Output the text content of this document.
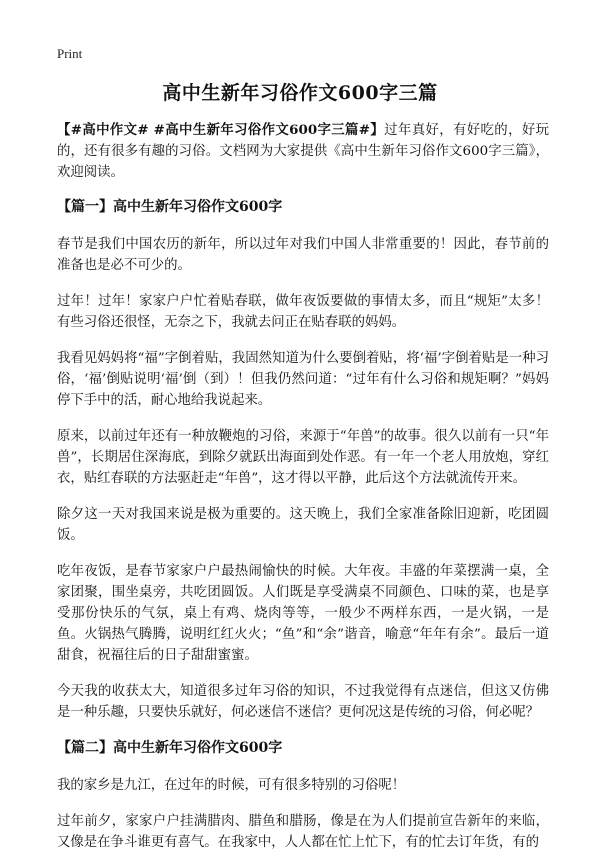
Print
高中生新年习俗作文600字三篇

【#高中作文# #高中生新年习俗作文600字三篇#】过年真好，有好吃的，好玩的，还有很多有趣的习俗。文档网为大家提供《高中生新年习俗作文600字三篇》，欢迎阅读。

【篇一】高中生新年习俗作文600字

春节是我们中国农历的新年，所以过年对我们中国人非常重要的！因此，春节前的准备也是必不可少的。

过年！过年！家家户户忙着贴春联，做年夜饭要做的事情太多，而且“规矩”太多！有些习俗还很怪，无奈之下，我就去问正在贴春联的妈妈。

我看见妈妈将“福”字倒着贴，我固然知道为什么要倒着贴，将‘福’字倒着贴是一种习俗，‘福’倒贴说明‘福’倒（到）！但我仍然问道：“过年有什么习俗和规矩啊？”妈妈停下手中的活，耐心地给我说起来。

原来，以前过年还有一种放鞭炮的习俗，来源于“年兽”的故事。很久以前有一只“年兽”，长期居住深海底，到除夕就跃出海面到处作恶。有一年一个老人用放炮，穿红衣，贴红春联的方法驱赶走“年兽”，这才得以平静，此后这个方法就流传开来。

除夕这一天对我国来说是极为重要的。这天晚上，我们全家准备除旧迎新，吃团圆饭。

吃年夜饭，是春节家家户户最热闹愉快的时候。大年夜。丰盛的年菜摆满一桌，全家团聚，围坐桌旁，共吃团圆饭。人们既是享受满桌不同颜色、口味的菜，也是享受那份快乐的气氛，桌上有鸡、烧肉等等，一般少不两样东西，一是火锅，一是鱼。火锅热气腾腾，说明红红火火；“鱼”和“余”谐音，喻意“年年有余”。最后一道甜食，祝福往后的日子甜甜蜜蜜。

今天我的收获太大，知道很多过年习俗的知识，不过我觉得有点迷信，但这又仿佛是一种乐趣，只要快乐就好，何必迷信不迷信？更何况这是传统的习俗，何必呢？

【篇二】高中生新年习俗作文600字

我的家乡是九江，在过年的时候，可有很多特别的习俗呢！

过年前夕，家家户户挂满腊肉、腊鱼和腊肠，像是在为人们提前宣告新年的来临，又像是在争斗谁更有喜气。在我家中，人人都在忙上忙下，有的忙去订年货，有的
